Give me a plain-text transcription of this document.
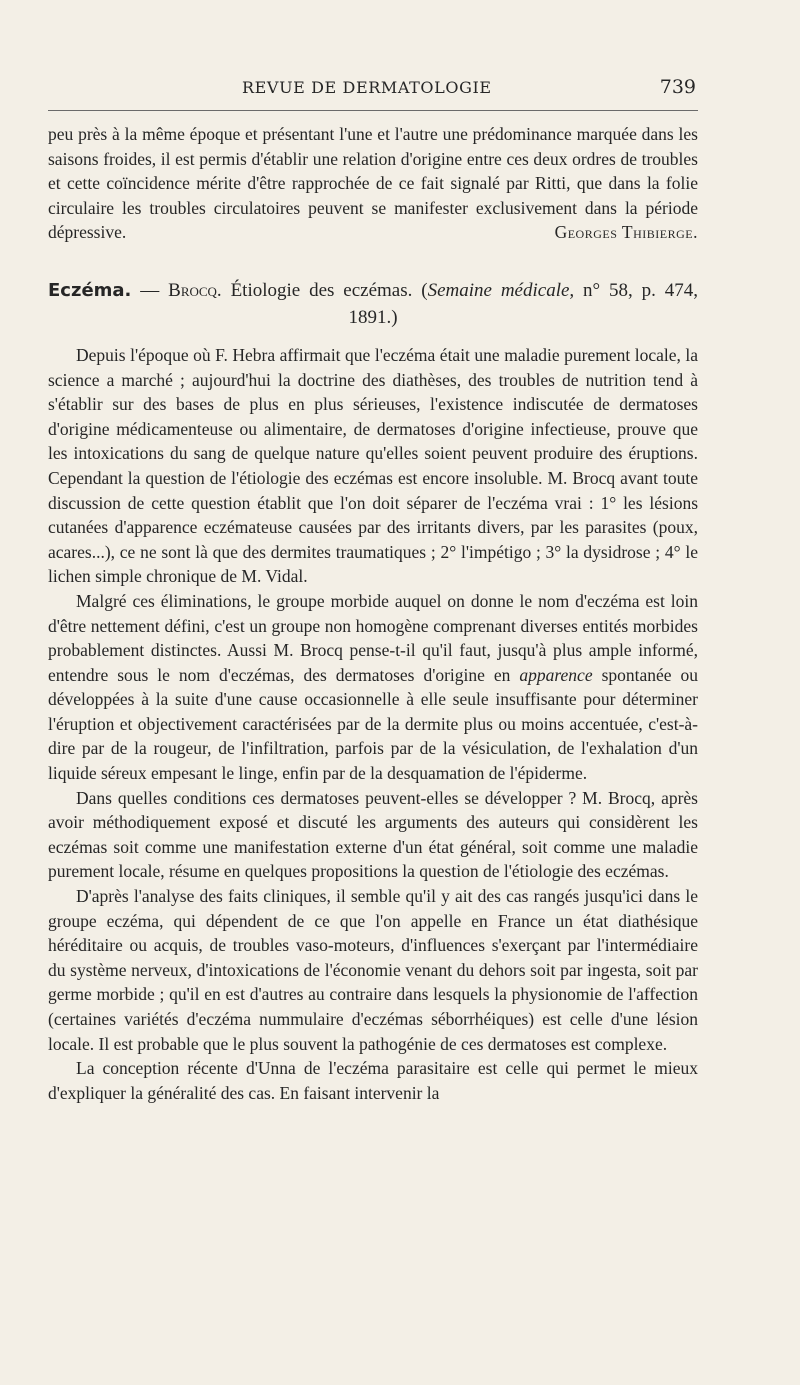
REVUE DE DERMATOLOGIE	739

peu près à la même époque et présentant l'une et l'autre une prédominance marquée dans les saisons froides, il est permis d'établir une relation d'origine entre ces deux ordres de troubles et cette coïncidence mérite d'être rapprochée de ce fait signalé par Ritti, que dans la folie circulaire les troubles circulatoires peuvent se manifester exclusivement dans la période dépressive.	Georges Thibierge.

Eczéma. — Brocq. Étiologie des eczémas. (Semaine médicale, n° 58, p. 474, 1891.)

Depuis l'époque où F. Hebra affirmait que l'eczéma était une maladie purement locale, la science a marché ; aujourd'hui la doctrine des diathèses, des troubles de nutrition tend à s'établir sur des bases de plus en plus sérieuses, l'existence indiscutée de dermatoses d'origine médicamenteuse ou alimentaire, de dermatoses d'origine infectieuse, prouve que les intoxications du sang de quelque nature qu'elles soient peuvent produire des éruptions. Cependant la question de l'étiologie des eczémas est encore insoluble. M. Brocq avant toute discussion de cette question établit que l'on doit séparer de l'eczéma vrai : 1° les lésions cutanées d'apparence eczémateuse causées par des irritants divers, par les parasites (poux, acares...), ce ne sont là que des dermites traumatiques ; 2° l'impétigo ; 3° la dysidrose ; 4° le lichen simple chronique de M. Vidal.

Malgré ces éliminations, le groupe morbide auquel on donne le nom d'eczéma est loin d'être nettement défini, c'est un groupe non homogène comprenant diverses entités morbides probablement distinctes. Aussi M. Brocq pense-t-il qu'il faut, jusqu'à plus ample informé, entendre sous le nom d'eczémas, des dermatoses d'origine en apparence spontanée ou développées à la suite d'une cause occasionnelle à elle seule insuffisante pour déterminer l'éruption et objectivement caractérisées par de la dermite plus ou moins accentuée, c'est-à-dire par de la rougeur, de l'infiltration, parfois par de la vésiculation, de l'exhalation d'un liquide séreux empesant le linge, enfin par de la desquamation de l'épiderme.

Dans quelles conditions ces dermatoses peuvent-elles se développer ? M. Brocq, après avoir méthodiquement exposé et discuté les arguments des auteurs qui considèrent les eczémas soit comme une manifestation externe d'un état général, soit comme une maladie purement locale, résume en quelques propositions la question de l'étiologie des eczémas.

D'après l'analyse des faits cliniques, il semble qu'il y ait des cas rangés jusqu'ici dans le groupe eczéma, qui dépendent de ce que l'on appelle en France un état diathésique héréditaire ou acquis, de troubles vaso-moteurs, d'influences s'exerçant par l'intermédiaire du système nerveux, d'intoxications de l'économie venant du dehors soit par ingesta, soit par germe morbide ; qu'il en est d'autres au contraire dans lesquels la physionomie de l'affection (certaines variétés d'eczéma nummulaire d'eczémas séborrhéiques) est celle d'une lésion locale. Il est probable que le plus souvent la pathogénie de ces dermatoses est complexe.

La conception récente d'Unna de l'eczéma parasitaire est celle qui permet le mieux d'expliquer la généralité des cas. En faisant intervenir la
